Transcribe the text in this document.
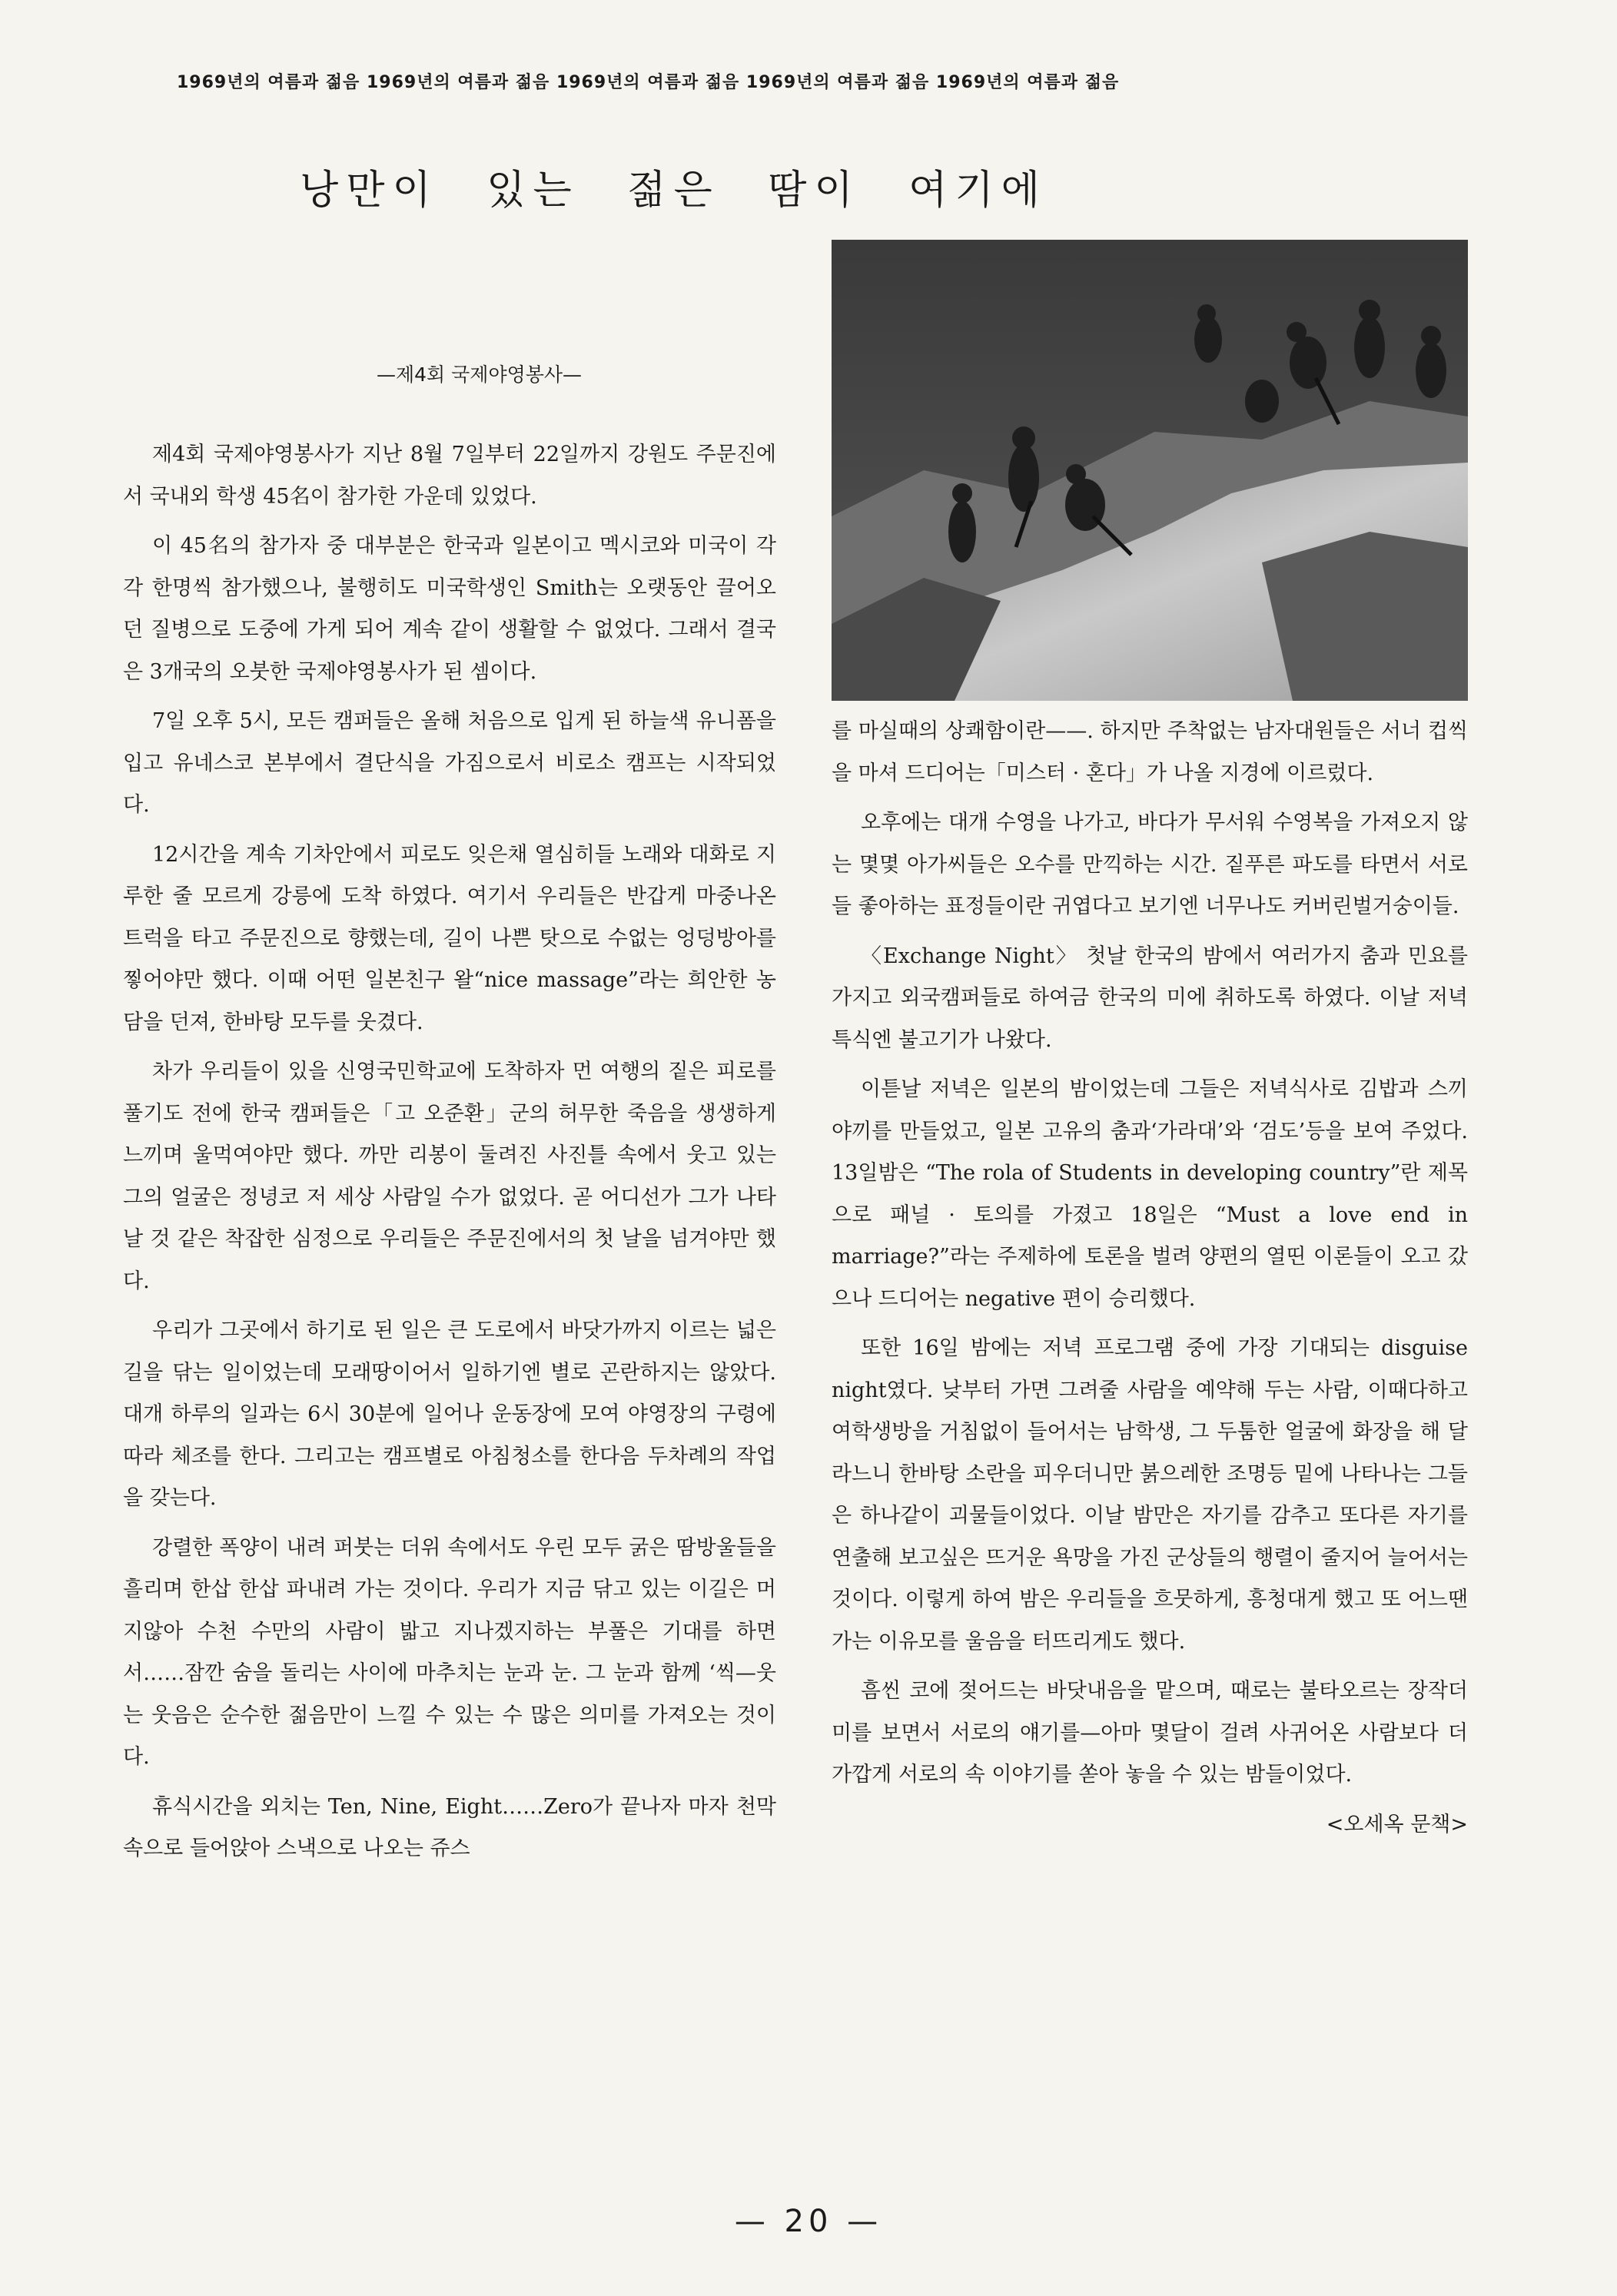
1969년의 여름과 젊음 1969년의 여름과 젊음 1969년의 여름과 젊음 1969년의 여름과 젊음 1969년의 여름과 젊음
낭만이 있는 젊은 땀이 여기에
—제4회 국제야영봉사—

제4회 국제야영봉사가 지난 8월 7일부터 22일까지 강원도 주문진에서 국내외 학생 45名이 참가한 가운데 있었다.

이 45名의 참가자 중 대부분은 한국과 일본이고 멕시코와 미국이 각각 한명씩 참가했으나, 불행히도 미국학생인 Smith는 오랫동안 끌어오던 질병으로 도중에 가게 되어 계속 같이 생활할 수 없었다. 그래서 결국은 3개국의 오붓한 국제야영봉사가 된 셈이다.

7일 오후 5시, 모든 캠퍼들은 올해 처음으로 입게 된 하늘색 유니폼을 입고 유네스코 본부에서 결단식을 가짐으로서 비로소 캠프는 시작되었다.

12시간을 계속 기차안에서 피로도 잊은채 열심히들 노래와 대화로 지루한 줄 모르게 강릉에 도착 하였다. 여기서 우리들은 반갑게 마중나온 트럭을 타고 주문진으로 향했는데, 길이 나쁜 탓으로 수없는 엉덩방아를 찧어야만 했다. 이때 어떤 일본친구 왈“nice massage”라는 희안한 농담을 던져, 한바탕 모두를 웃겼다.

차가 우리들이 있을 신영국민학교에 도착하자 먼 여행의 짙은 피로를 풀기도 전에 한국 캠퍼들은「고 오준환」군의 허무한 죽음을 생생하게 느끼며 울먹여야만 했다. 까만 리봉이 둘려진 사진틀 속에서 웃고 있는 그의 얼굴은 정녕코 저 세상 사람일 수가 없었다. 곧 어디선가 그가 나타날 것 같은 착잡한 심정으로 우리들은 주문진에서의 첫 날을 넘겨야만 했다.

우리가 그곳에서 하기로 된 일은 큰 도로에서 바닷가까지 이르는 넓은 길을 닦는 일이었는데 모래땅이어서 일하기엔 별로 곤란하지는 않았다. 대개 하루의 일과는 6시 30분에 일어나 운동장에 모여 야영장의 구령에 따라 체조를 한다. 그리고는 캠프별로 아침청소를 한다음 두차례의 작업을 갖는다.

강렬한 폭양이 내려 퍼붓는 더위 속에서도 우린 모두 굵은 땀방울들을 흘리며 한삽 한삽 파내려 가는 것이다. 우리가 지금 닦고 있는 이길은 머지않아 수천 수만의 사람이 밟고 지나겠지하는 부풀은 기대를 하면서……잠깐 숨을 돌리는 사이에 마추치는 눈과 눈. 그 눈과 함께 ‘씩—웃는 웃음은 순수한 젊음만이 느낄 수 있는 수 많은 의미를 가져오는 것이다.

휴식시간을 외치는 Ten, Nine, Eight……Zero가 끝나자 마자 천막속으로 들어앉아 스낵으로 나오는 쥬스

를 마실때의 상쾌함이란——. 하지만 주착없는 남자대원들은 서너 컵씩을 마셔 드디어는「미스터 · 혼다」가 나올 지경에 이르렀다.

오후에는 대개 수영을 나가고, 바다가 무서워 수영복을 가져오지 않는 몇몇 아가씨들은 오수를 만끽하는 시간. 짙푸른 파도를 타면서 서로들 좋아하는 표정들이란 귀엽다고 보기엔 너무나도 커버린벌거숭이들.

〈Exchange Night〉 첫날 한국의 밤에서 여러가지 춤과 민요를 가지고 외국캠퍼들로 하여금 한국의 미에 취하도록 하였다. 이날 저녁 특식엔 불고기가 나왔다.

이튿날 저녁은 일본의 밤이었는데 그들은 저녁식사로 김밥과 스끼야끼를 만들었고, 일본 고유의 춤과‘가라대’와 ‘검도’등을 보여 주었다. 13일밤은 “The rola of Students in developing country”란 제목으로 패널 · 토의를 가졌고 18일은 “Must a love end in marriage?”라는 주제하에 토론을 벌려 양편의 열띤 이론들이 오고 갔으나 드디어는 negative 편이 승리했다.

또한 16일 밤에는 저녁 프로그램 중에 가장 기대되는 disguise night였다. 낮부터 가면 그려줄 사람을 예약해 두는 사람, 이때다하고 여학생방을 거침없이 들어서는 남학생, 그 두툼한 얼굴에 화장을 해 달라느니 한바탕 소란을 피우더니만 붉으레한 조명등 밑에 나타나는 그들은 하나같이 괴물들이었다. 이날 밤만은 자기를 감추고 또다른 자기를 연출해 보고싶은 뜨거운 욕망을 가진 군상들의 행렬이 줄지어 늘어서는 것이다. 이렇게 하여 밤은 우리들을 흐뭇하게, 흥청대게 했고 또 어느땐가는 이유모를 울음을 터뜨리게도 했다.

흠씬 코에 젖어드는 바닷내음을 맡으며, 때로는 불타오르는 장작더미를 보면서 서로의 얘기를—아마 몇달이 걸려 사귀어온 사람보다 더 가깝게 서로의 속 이야기를 쏟아 놓을 수 있는 밤들이었다.

<오세옥 문책>

— 20 —
